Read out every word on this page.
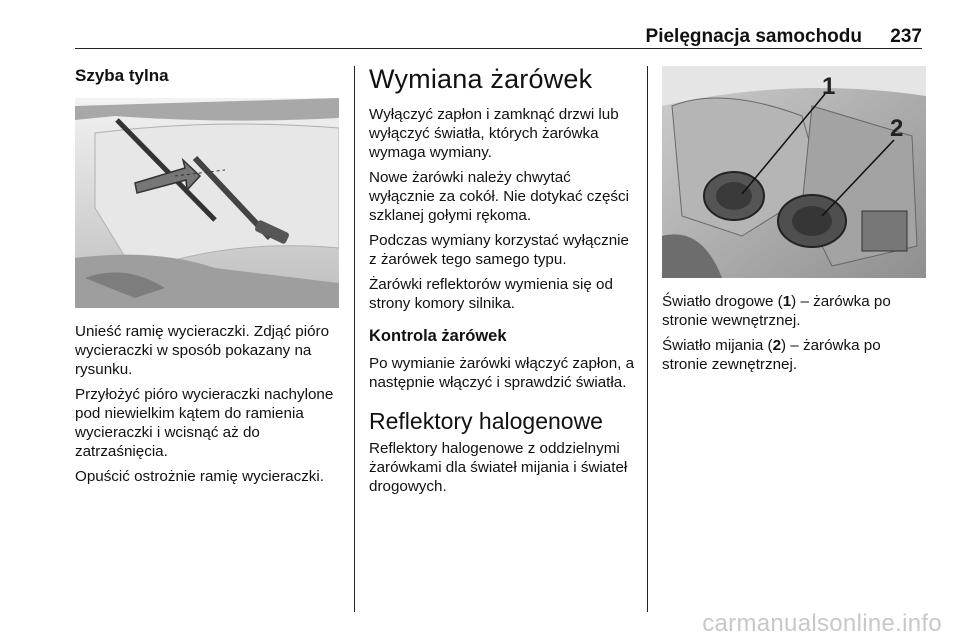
Pielęgnacja samochodu 237
Szyba tylna

Unieść ramię wycieraczki. Zdjąć pióro wycieraczki w sposób pokazany na rysunku.

Przyłożyć pióro wycieraczki nachylone pod niewielkim kątem do ramienia wycieraczki i wcisnąć aż do zatrzaśnięcia.

Opuścić ostrożnie ramię wycieraczki.

Wymiana żarówek

Wyłączyć zapłon i zamknąć drzwi lub wyłączyć światła, których żarówka wymaga wymiany.

Nowe żarówki należy chwytać wyłącznie za cokół. Nie dotykać części szklanej gołymi rękoma.

Podczas wymiany korzystać wyłącznie z żarówek tego samego typu.

Żarówki reflektorów wymienia się od strony komory silnika.

Kontrola żarówek

Po wymianie żarówki włączyć zapłon, a następnie włączyć i sprawdzić światła.

Reflektory halogenowe

Reflektory halogenowe z oddzielnymi żarówkami dla świateł mijania i świateł drogowych.

1
2

Światło drogowe (1) – żarówka po stronie wewnętrznej.

Światło mijania (2) – żarówka po stronie zewnętrznej.

carmanualsonline.info
